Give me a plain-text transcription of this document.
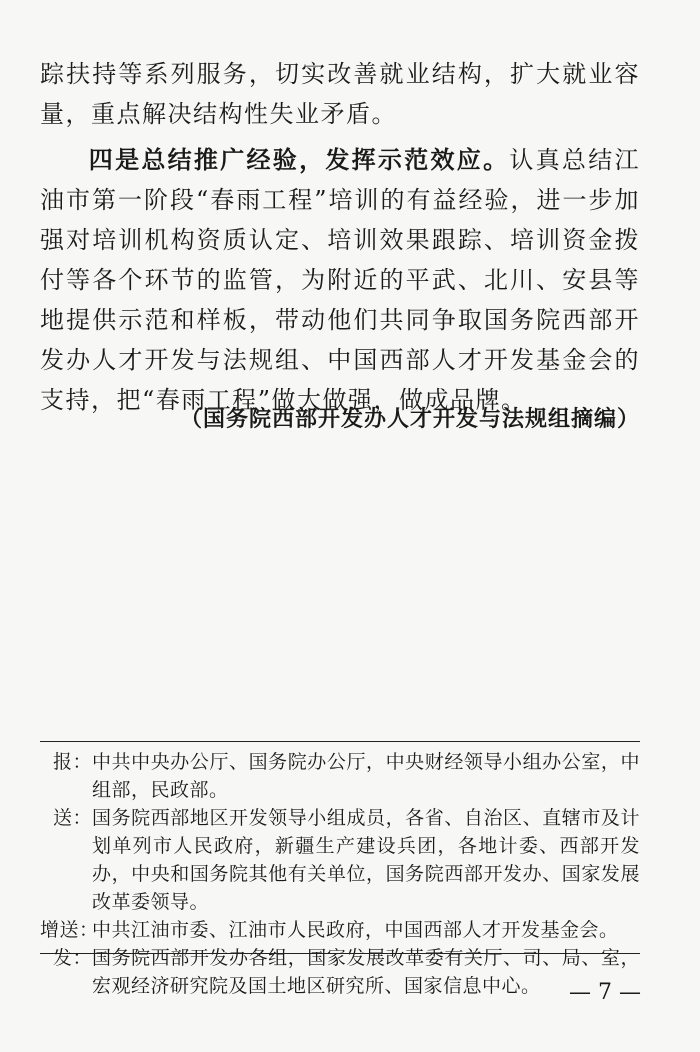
踪扶持等系列服务，切实改善就业结构，扩大就业容量，重点解决结构性失业矛盾。

四是总结推广经验，发挥示范效应。认真总结江油市第一阶段“春雨工程”培训的有益经验，进一步加强对培训机构资质认定、培训效果跟踪、培训资金拨付等各个环节的监管，为附近的平武、北川、安县等地提供示范和样板，带动他们共同争取国务院西部开发办人才开发与法规组、中国西部人才开发基金会的支持，把“春雨工程”做大做强，做成品牌。

（国务院西部开发办人才开发与法规组摘编）
报： 中共中央办公厅、国务院办公厅，中央财经领导小组办公室，中组部，民政部。
送： 国务院西部地区开发领导小组成员，各省、自治区、直辖市及计划单列市人民政府，新疆生产建设兵团，各地计委、西部开发办，中央和国务院其他有关单位，国务院西部开发办、国家发展改革委领导。
增送：
中共江油市委、江油市人民政府，中国西部人才开发基金会。
发： 国务院西部开发办各组，国家发展改革委有关厅、司、局、室，宏观经济研究院及国土地区研究所、国家信息中心。	— 7 —
